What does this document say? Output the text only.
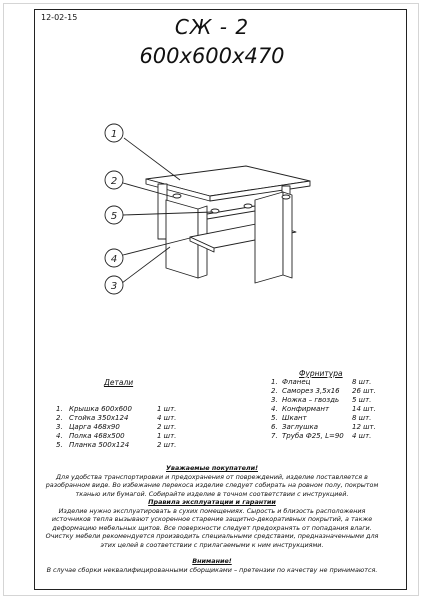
12-02-15	СЖ - 2
600x600x470
1
2
5
4
3
Детали
1. Крышка 600х600	1 шт.
2. Стойка 350х124	4 шт.
3. Царга 468х90	2 шт.
4. Полка 468х500	1 шт.
5. Планка 500х124	2 шт.
Фурнитура
1. Фланец	8 шт.
2. Саморез 3,5х16	26 шт.
3. Ножка – гвоздь	5 шт.
4. Конфирмант	14 шт.
5. Шкант	8 шт.
6. Заглушка	12 шт.
7. Труба Ф25, L=90	4 шт.
Уважаемые покупатели!
Для удобства транспортировки и предохранения от повреждений, изделие поставляется в разобранном виде. Во избежание перекоса изделие следует собирать на ровном полу, покрытом тканью или бумагой. Собирайте изделие в точном соответствии с инструкцией.
Правила эксплуатации и гарантии
Изделие нужно эксплуатировать в сухих помещениях. Сырость и близость расположения источников тепла вызывают ускоренное старение защитно-декоративных покрытий, а также деформацию мебельных щитов. Все поверхности следует предохранять от попадания влаги. Очистку мебели рекомендуется производить специальными средствами, предназначенными для этих целей в соответствии с прилагаемыми к ним инструкциями.
Внимание!
В случае сборки неквалифицированными сборщиками – претензии по качеству не принимаются.
